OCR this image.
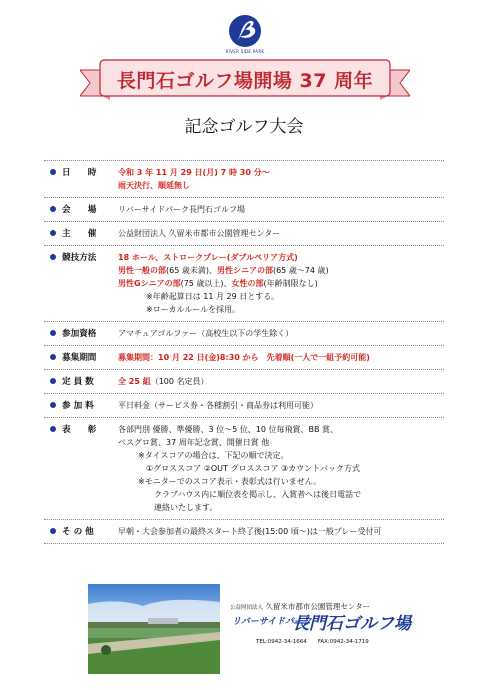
RIVER SIDE PARK
長門石ゴルフ場開場 37 周年
記念ゴルフ大会
日　　時	令和 3 年 11 月 29 日(月) 7 時 30 分～
雨天決行、順延無し
会　　場	リバーサイドパーク長門石ゴルフ場
主　　催	公益財団法人 久留米市都市公園管理センター
競技方法	18 ホール、ストロークプレー(ダブルペリア方式)
男性一般の部(65 歳未満)、男性シニアの部(65 歳～74 歳)
男性Gシニアの部(75 歳以上)、女性の部(年齢制限なし)
※年齢起算日は 11 月 29 日とする。
※ローカルルールを採用。
参加資格	アマチュアゴルファー（高校生以下の学生除く）
募集期間	募集期間：10 月 22 日(金)8:30 から　先着順(一人で一組予約可能)
定 員 数	全 25 組（100 名定員）
参 加 料	平日料金（サービス券・各種割引・商品券は利用可能）
表　　彰	各部門別 優勝、準優勝、3 位～5 位、10 位毎飛賞、BB 賞、
ベスグロ賞、37 周年記念賞、開催日賞 他
※タイスコアの場合は、下記の順で決定。
①グロススコア ②OUT グロススコア ③カウントバック方式
※モニターでのスコア表示・表彰式は行いません。
クラブハウス内に順位表を掲示し、入賞者へは後日電話で
連絡いたします。
そ の 他	早朝・大会参加者の最終スタート終了後(15:00 頃～)は一般プレー受付可
公益財団法人 久留米市都市公園管理センター
リバーサイドパーク
長門石ゴルフ場
TEL:0942-34-1664　　FAX:0942-34-1719
